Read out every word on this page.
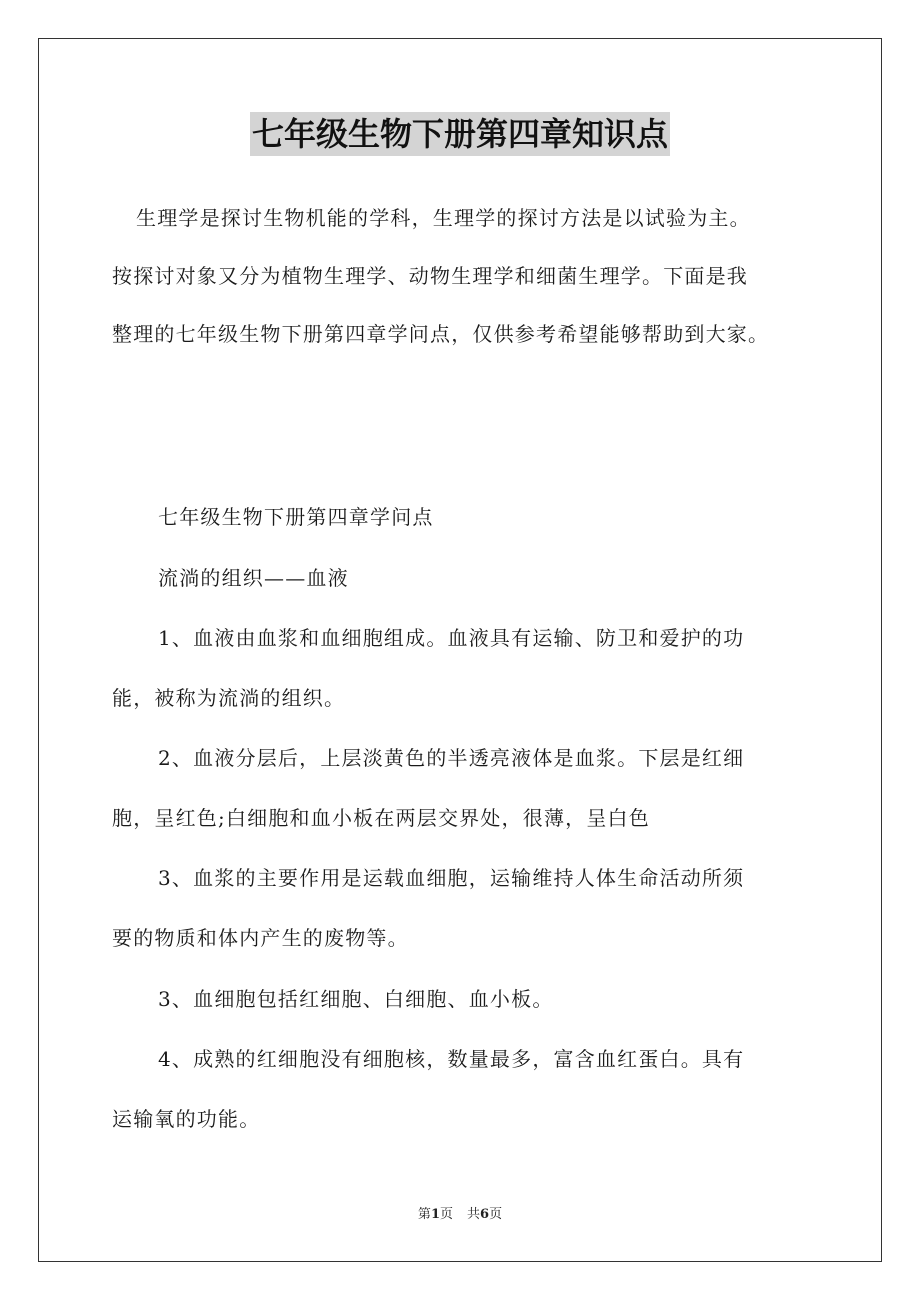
七年级生物下册第四章知识点
生理学是探讨生物机能的学科，生理学的探讨方法是以试验为主。
按探讨对象又分为植物生理学、动物生理学和细菌生理学。下面是我
整理的七年级生物下册第四章学问点，仅供参考希望能够帮助到大家。
七年级生物下册第四章学问点
流淌的组织——血液
1、血液由血浆和血细胞组成。血液具有运输、防卫和爱护的功
能，被称为流淌的组织。
2、血液分层后，上层淡黄色的半透亮液体是血浆。下层是红细
胞，呈红色;白细胞和血小板在两层交界处，很薄，呈白色
3、血浆的主要作用是运载血细胞，运输维持人体生命活动所须
要的物质和体内产生的废物等。
3、血细胞包括红细胞、白细胞、血小板。
4、成熟的红细胞没有细胞核，数量最多，富含血红蛋白。具有
运输氧的功能。
第1页 共6页
